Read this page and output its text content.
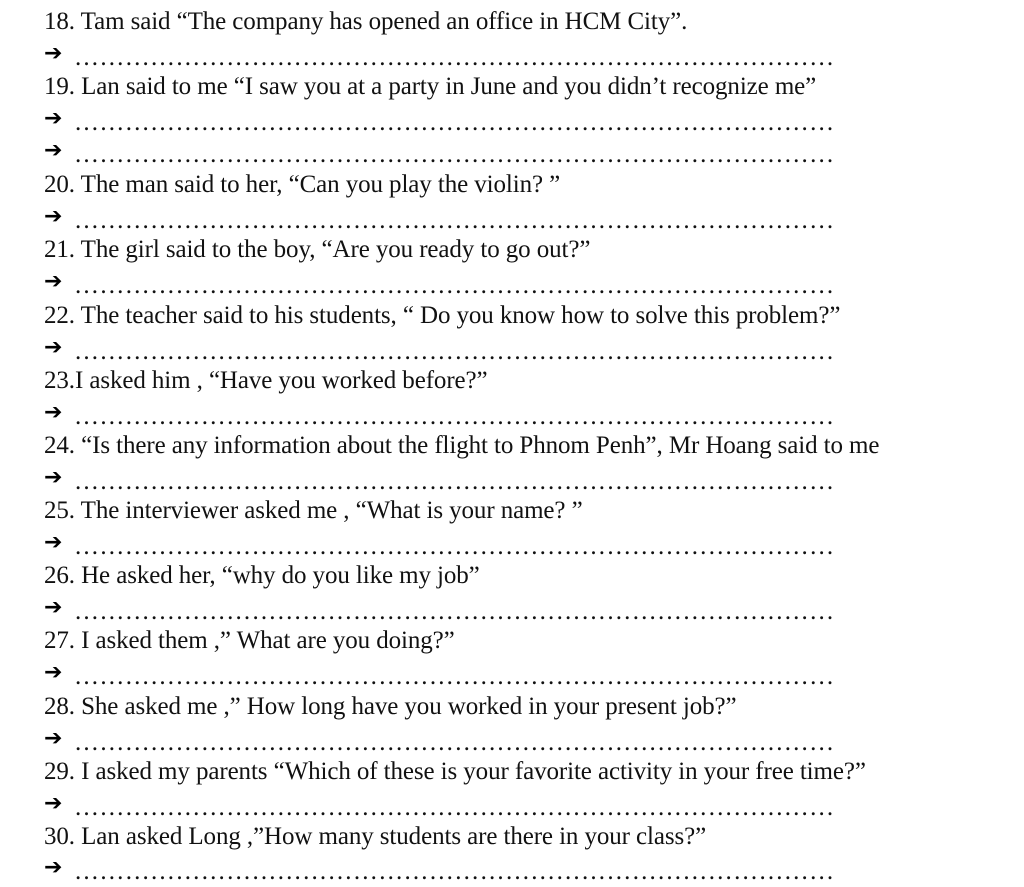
18. Tam said “The company has opened an office in HCM City”.
➔ ………………………………………………………………………………
19. Lan said to me “I saw you at a party in June and you didn’t recognize me”
➔ ………………………………………………………………………………
➔ ………………………………………………………………………………
20. The man said to her, “Can you play the violin? ”
➔ ………………………………………………………………………………
21. The girl said to the boy, “Are you ready to go out?”
➔ ………………………………………………………………………………
22. The teacher said to his students, “ Do you know how to solve this problem?”
➔ ………………………………………………………………………………
23.I asked him , “Have you worked before?”
➔ ………………………………………………………………………………
24. “Is there any information about the flight to Phnom Penh”, Mr Hoang said to me
➔ ………………………………………………………………………………
25. The interviewer asked me , “What is your name? ”
➔ ………………………………………………………………………………
26. He asked her, “why do you like my job”
➔ ………………………………………………………………………………
27. I asked them ,” What are you doing?”
➔ ………………………………………………………………………………
28. She asked me ,” How long have you worked in your present job?”
➔ ………………………………………………………………………………
29. I asked my parents “Which of these is your favorite activity in your free time?”
➔ ………………………………………………………………………………
30. Lan asked Long ,”How many students are there in your class?”
➔ ………………………………………………………………………………
